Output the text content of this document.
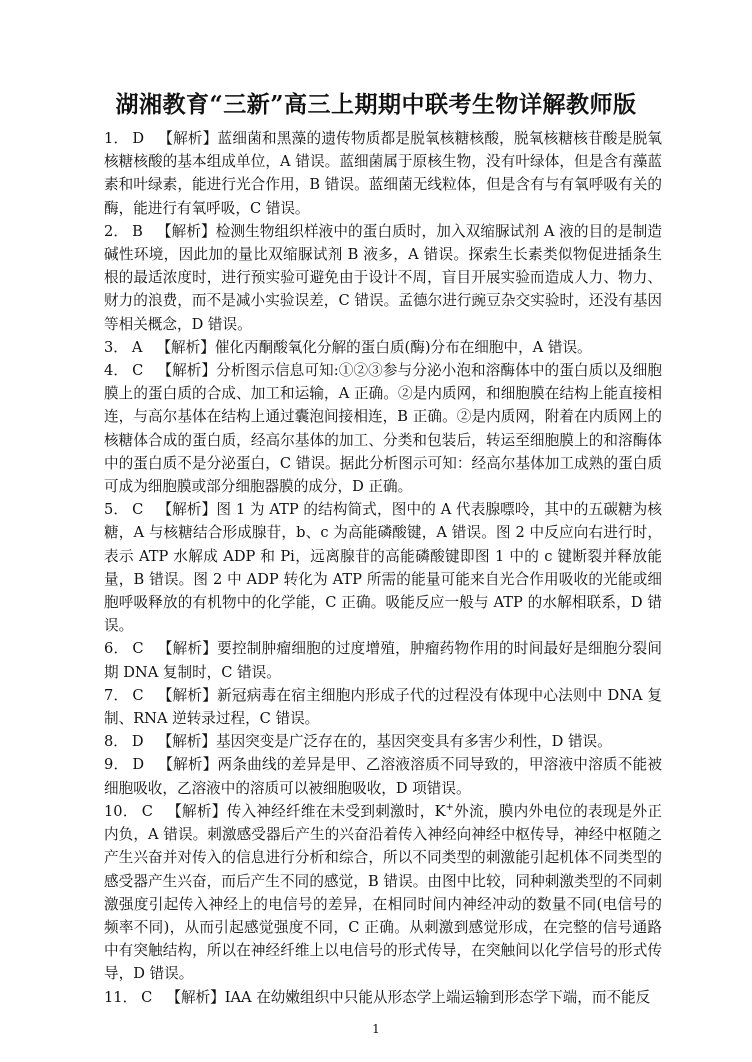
湖湘教育“三新”高三上期期中联考生物详解教师版

1． D 【解析】蓝细菌和黑藻的遗传物质都是脱氧核糖核酸，脱氧核糖核苷酸是脱氧核糖核酸的基本组成单位，A 错误。蓝细菌属于原核生物，没有叶绿体，但是含有藻蓝素和叶绿素，能进行光合作用，B 错误。蓝细菌无线粒体，但是含有与有氧呼吸有关的酶，能进行有氧呼吸，C 错误。

2． B 【解析】检测生物组织样液中的蛋白质时，加入双缩脲试剂 A 液的目的是制造碱性环境，因此加的量比双缩脲试剂 B 液多，A 错误。探索生长素类似物促进插条生根的最适浓度时，进行预实验可避免由于设计不周，盲目开展实验而造成人力、物力、财力的浪费，而不是减小实验误差，C 错误。孟德尔进行豌豆杂交实验时，还没有基因等相关概念，D 错误。

3． A 【解析】催化丙酮酸氧化分解的蛋白质(酶)分布在细胞中，A 错误。

4． C 【解析】分析图示信息可知:①②③参与分泌小泡和溶酶体中的蛋白质以及细胞膜上的蛋白质的合成、加工和运输，A 正确。②是内质网，和细胞膜在结构上能直接相连，与高尔基体在结构上通过囊泡间接相连，B 正确。②是内质网，附着在内质网上的核糖体合成的蛋白质，经高尔基体的加工、分类和包装后，转运至细胞膜上的和溶酶体中的蛋白质不是分泌蛋白，C 错误。据此分析图示可知：经高尔基体加工成熟的蛋白质可成为细胞膜或部分细胞器膜的成分，D 正确。

5． C 【解析】图 1 为 ATP 的结构简式，图中的 A 代表腺嘌呤，其中的五碳糖为核糖，A 与核糖结合形成腺苷，b、c 为高能磷酸键，A 错误。图 2 中反应向右进行时，表示 ATP 水解成 ADP 和 Pi，远离腺苷的高能磷酸键即图 1 中的 c 键断裂并释放能量，B 错误。图 2 中 ADP 转化为 ATP 所需的能量可能来自光合作用吸收的光能或细胞呼吸释放的有机物中的化学能，C 正确。吸能反应一般与 ATP 的水解相联系，D 错误。

6． C 【解析】要控制肿瘤细胞的过度增殖，肿瘤药物作用的时间最好是细胞分裂间期 DNA 复制时，C 错误。

7． C 【解析】新冠病毒在宿主细胞内形成子代的过程没有体现中心法则中 DNA 复制、RNA 逆转录过程，C 错误。

8． D 【解析】基因突变是广泛存在的，基因突变具有多害少利性，D 错误。

9． D 【解析】两条曲线的差异是甲、乙溶液溶质不同导致的，甲溶液中溶质不能被细胞吸收，乙溶液中的溶质可以被细胞吸收，D 项错误。

10． C 【解析】传入神经纤维在未受到刺激时，K+外流，膜内外电位的表现是外正内负，A 错误。刺激感受器后产生的兴奋沿着传入神经向神经中枢传导，神经中枢随之产生兴奋并对传入的信息进行分析和综合，所以不同类型的刺激能引起机体不同类型的感受器产生兴奋，而后产生不同的感觉，B 错误。由图中比较，同种刺激类型的不同刺激强度引起传入神经上的电信号的差异，在相同时间内神经冲动的数量不同(电信号的频率不同)，从而引起感觉强度不同，C 正确。从刺激到感觉形成，在完整的信号通路中有突触结构，所以在神经纤维上以电信号的形式传导，在突触间以化学信号的形式传导，D 错误。

11． C 【解析】IAA 在幼嫩组织中只能从形态学上端运输到形态学下端，而不能反

1
